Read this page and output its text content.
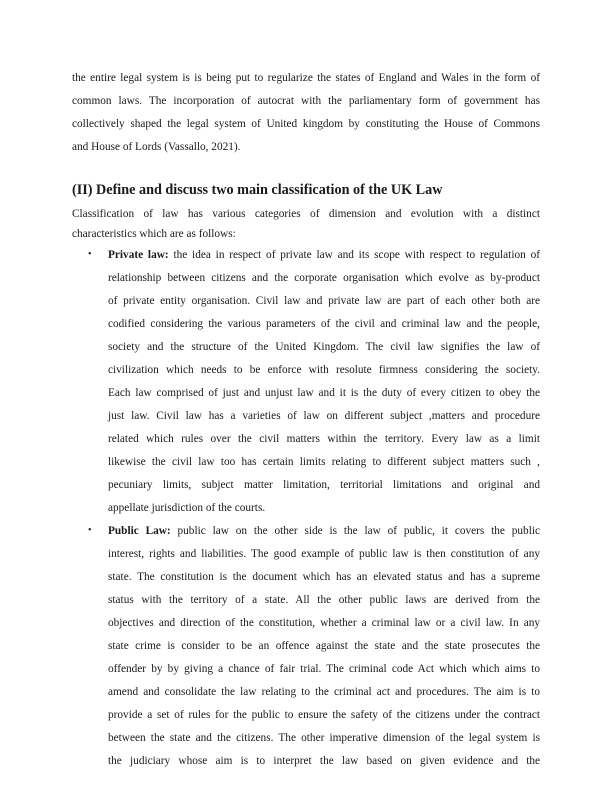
the entire legal system is is being put to regularize the states of England and Wales in the form of
common laws. The incorporation of autocrat with the parliamentary form of government has
collectively shaped the legal system of United kingdom by constituting the House of Commons
and House of Lords (Vassallo, 2021).
(II) Define and discuss two main classification of the UK Law
Classification of law has various categories of dimension and evolution with a distinct
characteristics which are as follows:
• Private law: the idea in respect of private law and its scope with respect to regulation of
relationship between citizens and the corporate organisation which evolve as by-product
of private entity organisation. Civil law and private law are part of each other both are
codified considering the various parameters of the civil and criminal law and the people,
society and the structure of the United Kingdom. The civil law signifies the law of
civilization which needs to be enforce with resolute firmness considering the society.
Each law comprised of just and unjust law and it is the duty of every citizen to obey the
just law. Civil law has a varieties of law on different subject ,matters and procedure
related which rules over the civil matters within the territory. Every law as a limit
likewise the civil law too has certain limits relating to different subject matters such ,
pecuniary limits, subject matter limitation, territorial limitations and original and
appellate jurisdiction of the courts.
• Public Law: public law on the other side is the law of public, it covers the public
interest, rights and liabilities. The good example of public law is then constitution of any
state. The constitution is the document which has an elevated status and has a supreme
status with the territory of a state. All the other public laws are derived from the
objectives and direction of the constitution, whether a criminal law or a civil law. In any
state crime is consider to be an offence against the state and the state prosecutes the
offender by by giving a chance of fair trial. The criminal code Act which which aims to
amend and consolidate the law relating to the criminal act and procedures. The aim is to
provide a set of rules for the public to ensure the safety of the citizens under the contract
between the state and the citizens. The other imperative dimension of the legal system is
the judiciary whose aim is to interpret the law based on given evidence and the
